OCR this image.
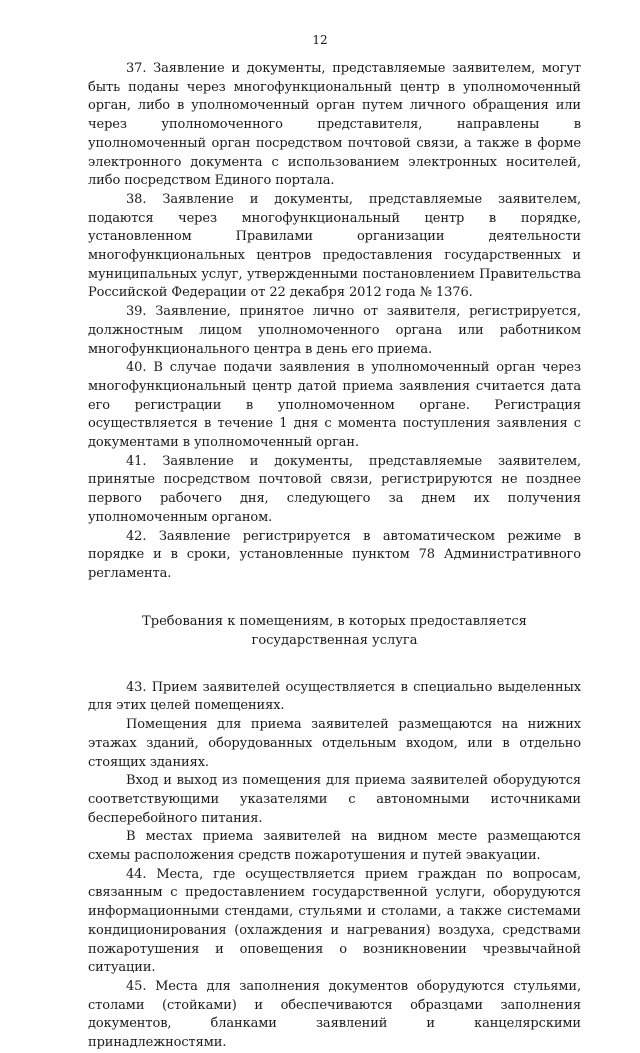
12

37. Заявление и документы, представляемые заявителем, могут быть поданы через многофункциональный центр в уполномоченный орган, либо в уполномоченный орган путем личного обращения или через уполномоченного представителя, направлены в уполномоченный орган посредством почтовой связи, а также в форме электронного документа с использованием электронных носителей, либо посредством Единого портала.

38. Заявление и документы, представляемые заявителем, подаются через многофункциональный центр в порядке, установленном Правилами организации деятельности многофункциональных центров предоставления государственных и муниципальных услуг, утвержденными постановлением Правительства Российской Федерации от 22 декабря 2012 года № 1376.

39. Заявление, принятое лично от заявителя, регистрируется, должностным лицом уполномоченного органа или работником многофункционального центра в день его приема.

40. В случае подачи заявления в уполномоченный орган через многофункциональный центр датой приема заявления считается дата его регистрации в уполномоченном органе. Регистрация осуществляется в течение 1 дня с момента поступления заявления с документами в уполномоченный орган.

41. Заявление и документы, представляемые заявителем, принятые посредством почтовой связи, регистрируются не позднее первого рабочего дня, следующего за днем их получения уполномоченным органом.

42. Заявление регистрируется в автоматическом режиме в порядке и в сроки, установленные пунктом 78 Административного регламента.

Требования к помещениям, в которых предоставляется
государственная услуга

43. Прием заявителей осуществляется в специально выделенных для этих целей помещениях.

Помещения для приема заявителей размещаются на нижних этажах зданий, оборудованных отдельным входом, или в отдельно стоящих зданиях.

Вход и выход из помещения для приема заявителей оборудуются соответствующими указателями с автономными источниками бесперебойного питания.

В местах приема заявителей на видном месте размещаются схемы расположения средств пожаротушения и путей эвакуации.

44. Места, где осуществляется прием граждан по вопросам, связанным с предоставлением государственной услуги, оборудуются информационными стендами, стульями и столами, а также системами кондиционирования (охлаждения и нагревания) воздуха, средствами пожаротушения и оповещения о возникновении чрезвычайной ситуации.

45. Места для заполнения документов оборудуются стульями, столами (стойками) и обеспечиваются образцами заполнения документов, бланками заявлений и канцелярскими принадлежностями.
